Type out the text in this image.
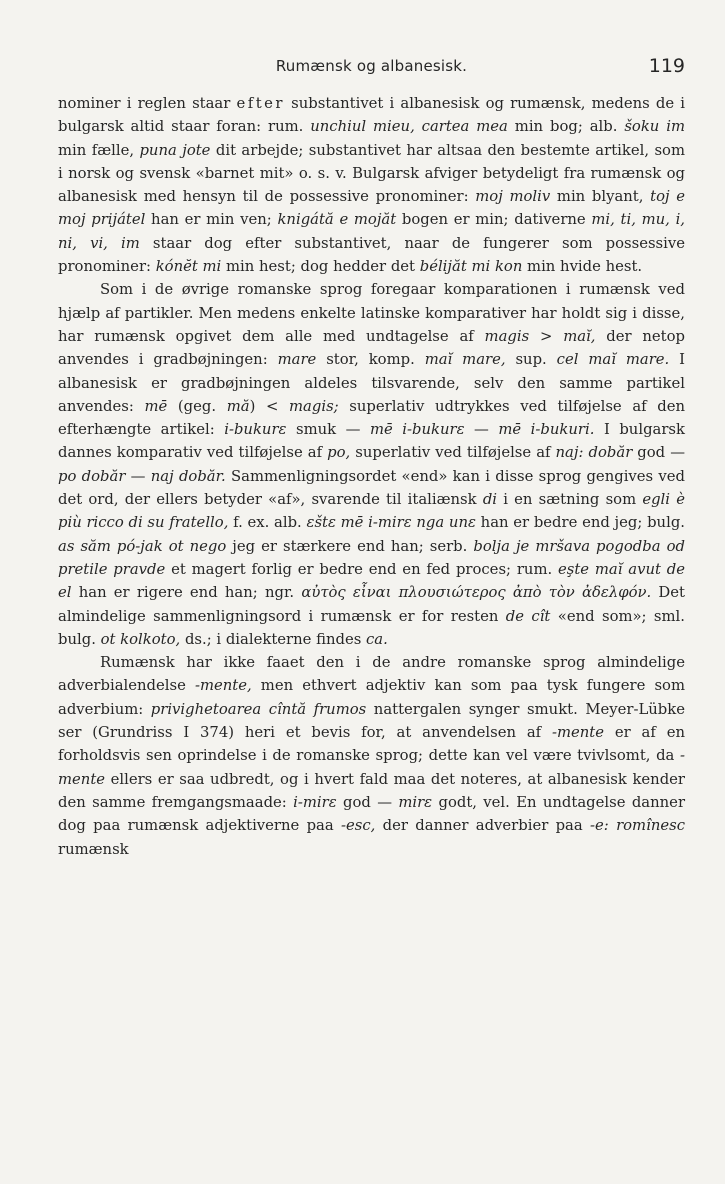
Rumænsk og albanesisk.	119

nominer i reglen staar efter substantivet i albanesisk og rumænsk, medens de i bulgarsk altid staar foran: rum. unchiul mieu, cartea mea min bog; alb. šoku im min fælle, puna jote dit arbejde; substantivet har altsaa den bestemte artikel, som i norsk og svensk «barnet mit» o. s. v. Bulgarsk afviger betydeligt fra rumænsk og albanesisk med hensyn til de possessive pronominer: moj moliv min blyant, toj e moj prijátel han er min ven; knigátă e mojăt bogen er min; dativerne mi, ti, mu, i, ni, vi, im staar dog efter substantivet, naar de fungerer som possessive pronominer: kónĕt mi min hest; dog hedder det bélijăt mi kon min hvide hest.

Som i de øvrige romanske sprog foregaar komparationen i rumænsk ved hjælp af partikler. Men medens enkelte latinske komparativer har holdt sig i disse, har rumænsk opgivet dem alle med undtagelse af magis > maĭ, der netop anvendes i gradbøjningen: mare stor, komp. maĭ mare, sup. cel maĭ mare. I albanesisk er gradbøjningen aldeles tilsvarende, selv den samme partikel anvendes: mē (geg. mă) < magis; superlativ udtrykkes ved tilføjelse af den efterhængte artikel: i-bukurε smuk — mē i-bukurε — mē i-bukuri. I bulgarsk dannes komparativ ved tilføjelse af po, superlativ ved tilføjelse af naj: dobăr god — po dobăr — naj dobăr. Sammenligningsordet «end» kan i disse sprog gengives ved det ord, der ellers betyder «af», svarende til italiænsk di i en sætning som egli è più ricco di su fratello, f. ex. alb. εštε mē i-mirε nga unε han er bedre end jeg; bulg. as săm pó-jak ot nego jeg er stærkere end han; serb. bolja je mršava pogodba od pretile pravde et magert forlig er bedre end en fed proces; rum. eşte maĭ avut de el han er rigere end han; ngr. αὐτὸς εἶναι πλουσιώτερος ἀπὸ τὸν ἀδελφόν. Det almindelige sammenligningsord i rumænsk er for resten de cît «end som»; sml. bulg. ot kolkoto, ds.; i dialekterne findes ca.

Rumænsk har ikke faaet den i de andre romanske sprog almindelige adverbialendelse -mente, men ethvert adjektiv kan som paa tysk fungere som adverbium: privighetoarea cîntă frumos nattergalen synger smukt. Meyer-Lübke ser (Grundriss I 374) heri et bevis for, at anvendelsen af -mente er af en forholdsvis sen oprindelse i de romanske sprog; dette kan vel være tvivlsomt, da -mente ellers er saa udbredt, og i hvert fald maa det noteres, at albanesisk kender den samme fremgangsmaade: i-mirε god — mirε godt, vel. En undtagelse danner dog paa rumænsk adjektiverne paa -esc, der danner adverbier paa -e: romînesc rumænsk
